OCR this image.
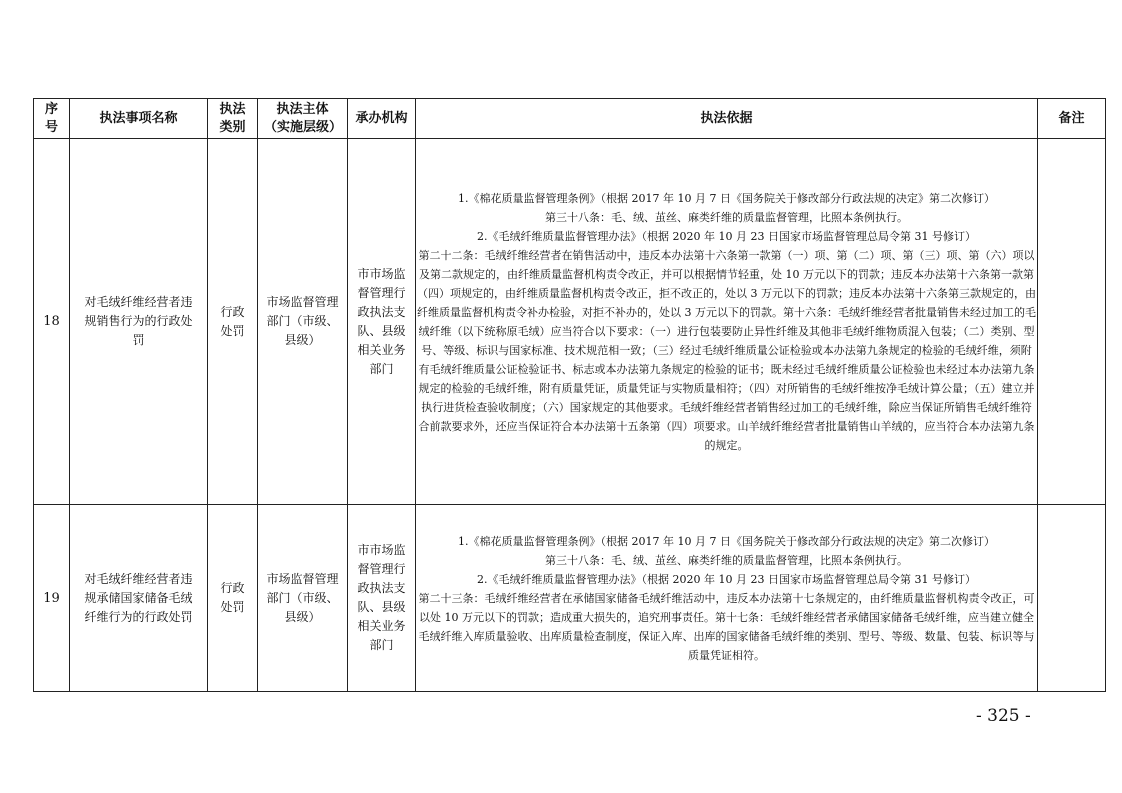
序号	执法事项名称	执法类别	执法主体（实施层级）	承办机构	执法依据	备注
18	对毛绒纤维经营者违规销售行为的行政处罚	行政处罚	市场监督管理部门（市级、县级）	市市场监督管理行政执法支队、县级相关业务部门	1.《棉花质量监督管理条例》（根据 2017 年 10 月 7 日《国务院关于修改部分行政法规的决定》第二次修订）

第三十八条：毛、绒、茧丝、麻类纤维的质量监督管理，比照本条例执行。

2.《毛绒纤维质量监督管理办法》（根据 2020 年 10 月 23 日国家市场监督管理总局令第 31 号修订）

第二十二条：毛绒纤维经营者在销售活动中，违反本办法第十六条第一款第（一）项、第（二）项、第（三）项、第（六）项以及第二款规定的，由纤维质量监督机构责令改正，并可以根据情节轻重，处 10 万元以下的罚款；违反本办法第十六条第一款第（四）项规定的，由纤维质量监督机构责令改正，拒不改正的，处以 3 万元以下的罚款；违反本办法第十六条第三款规定的，由纤维质量监督机构责令补办检验，对拒不补办的，处以 3 万元以下的罚款。第十六条：毛绒纤维经营者批量销售未经过加工的毛绒纤维（以下统称原毛绒）应当符合以下要求：（一）进行包装要防止异性纤维及其他非毛绒纤维物质混入包装；（二）类别、型号、等级、标识与国家标准、技术规范相一致；（三）经过毛绒纤维质量公证检验或本办法第九条规定的检验的毛绒纤维，须附有毛绒纤维质量公证检验证书、标志或本办法第九条规定的检验的证书；既未经过毛绒纤维质量公证检验也未经过本办法第九条规定的检验的毛绒纤维，附有质量凭证，质量凭证与实物质量相符；（四）对所销售的毛绒纤维按净毛绒计算公量；（五）建立并执行进货检查验收制度；（六）国家规定的其他要求。毛绒纤维经营者销售经过加工的毛绒纤维，除应当保证所销售毛绒纤维符合前款要求外，还应当保证符合本办法第十五条第（四）项要求。山羊绒纤维经营者批量销售山羊绒的，应当符合本办法第九条的规定。	

19	对毛绒纤维经营者违规承储国家储备毛绒纤维行为的行政处罚	行政处罚	市场监督管理部门（市级、县级）	市市场监督管理行政执法支队、县级相关业务部门	1.《棉花质量监督管理条例》（根据 2017 年 10 月 7 日《国务院关于修改部分行政法规的决定》第二次修订）

第三十八条：毛、绒、茧丝、麻类纤维的质量监督管理，比照本条例执行。

2.《毛绒纤维质量监督管理办法》（根据 2020 年 10 月 23 日国家市场监督管理总局令第 31 号修订）

第二十三条：毛绒纤维经营者在承储国家储备毛绒纤维活动中，违反本办法第十七条规定的，由纤维质量监督机构责令改正，可以处 10 万元以下的罚款；造成重大损失的，追究刑事责任。第十七条：毛绒纤维经营者承储国家储备毛绒纤维，应当建立健全毛绒纤维入库质量验收、出库质量检查制度，保证入库、出库的国家储备毛绒纤维的类别、型号、等级、数量、包装、标识等与质量凭证相符。	

- 325 -
